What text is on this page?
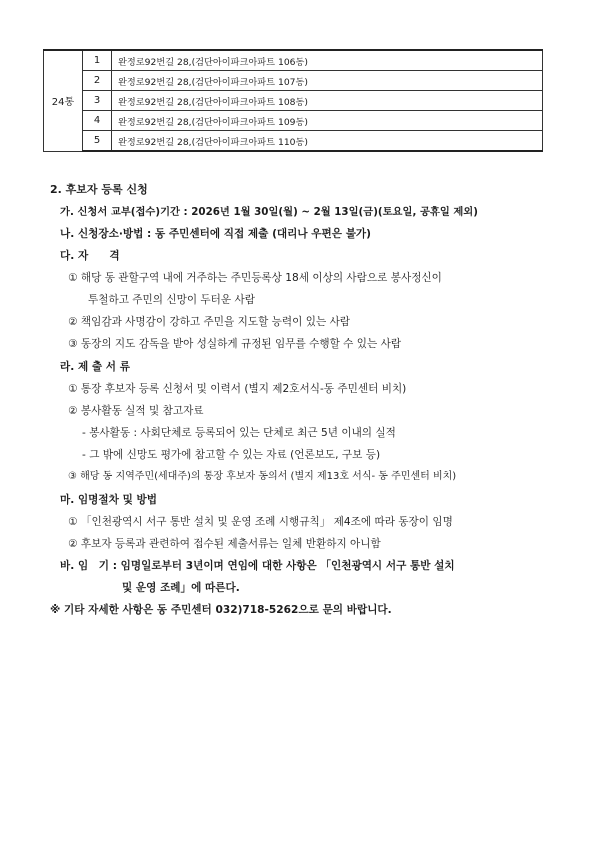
24통	1	완정로92번길 28,(검단아이파크아파트 106동)
	2	완정로92번길 28,(검단아이파크아파트 107동)
	3	완정로92번길 28,(검단아이파크아파트 108동)
	4	완정로92번길 28,(검단아이파크아파트 109동)
	5	완정로92번길 28,(검단아이파크아파트 110동)
2. 후보자 등록 신청
가. 신청서 교부(접수)기간 : 2026년 1월 30일(월) ~ 2월 13일(금)(토요일, 공휴일 제외)
나. 신청장소·방법 : 동 주민센터에 직접 제출 (대리나 우편은 불가)
다. 자　　격
① 해당 동 관할구역 내에 거주하는 주민등록상 18세 이상의 사람으로 봉사정신이
투철하고 주민의 신망이 두터운 사람
② 책임감과 사명감이 강하고 주민을 지도할 능력이 있는 사람
③ 동장의 지도 감독을 받아 성실하게 규정된 임무를 수행할 수 있는 사람
라. 제 출 서 류
① 통장 후보자 등록 신청서 및 이력서 (별지 제2호서식-동 주민센터 비치)
② 봉사활동 실적 및 참고자료
- 봉사활동 : 사회단체로 등록되어 있는 단체로 최근 5년 이내의 실적
- 그 밖에 신망도 평가에 참고할 수 있는 자료 (언론보도, 구보 등)
③ 해당 동 지역주민(세대주)의 통장 후보자 동의서 (별지 제13호 서식- 동 주민센터 비치)
마. 임명절차 및 방법
① 「인천광역시 서구 통반 설치 및 운영 조례 시행규칙」 제4조에 따라 동장이 임명
② 후보자 등록과 관련하여 접수된 제출서류는 일체 반환하지 아니함
바. 임　기 : 임명일로부터 3년이며 연임에 대한 사항은 「인천광역시 서구 통반 설치
및 운영 조례」에 따른다.
※ 기타 자세한 사항은 동 주민센터 032)718-5262으로 문의 바랍니다.
